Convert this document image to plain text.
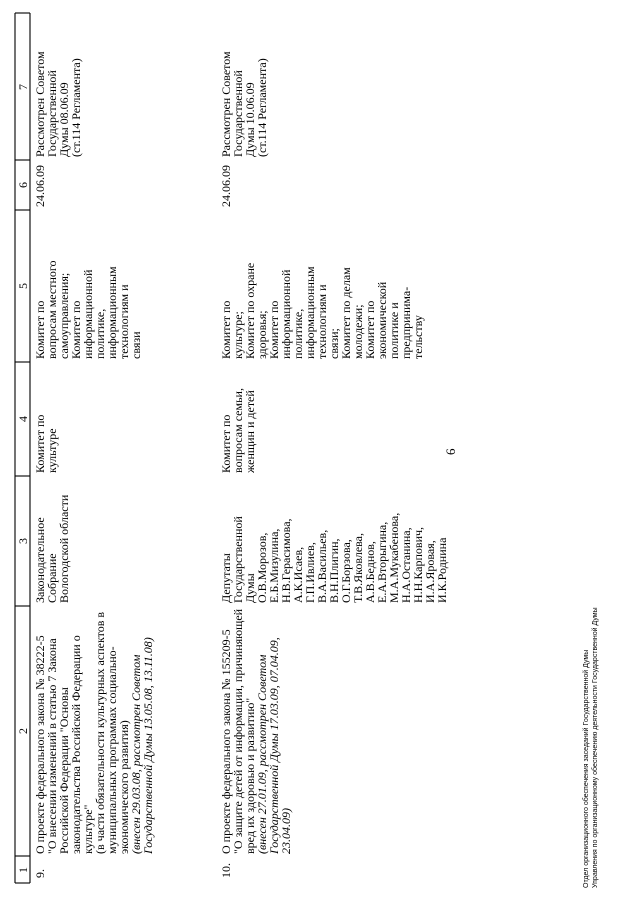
6
1
2
3
4
5
6
7
9.
О проекте федерального закона № 38222-5
"О внесении изменений в статью 7 Закона
Российской Федерации "Основы
законодательства Российской Федерации о
культуре"
(в части обязательности культурных аспектов в
муниципальных программах социально-
экономического развития)
(внесен 29.03.08, рассмотрен Советом
Государственной Думы 13.05.08, 13.11.08)
Законодательное
Собрание
Вологодской области
Комитет по
культуре
Комитет по
вопросам местного
самоуправления;
Комитет по
информационной
политике,
информационным
технологиям и
связи
24.06.09
Рассмотрен Советом
Государственной
Думы 08.06.09
(ст.114 Регламента)
10.
О проекте федерального закона № 155209-5
"О защите детей от информации, причиняющей
вред их здоровью и развитию"
(внесен 27.01.09, рассмотрен Советом
Государственной Думы 17.03.09, 07.04.09,
23.04.09)
Депутаты
Государственной
Думы
О.В.Морозов,
Е.Б.Мизулина,
Н.В.Герасимова,
А.К.Исаев,
Г.П.Ивлиев,
В.А.Васильев,
В.Н.Плигин,
О.Г.Борзова,
Т.В.Яковлева,
А.В.Беднов,
Е.А.Вторыгина,
М.А.Мукабенова,
Н.А.Останина,
Н.Н.Карпович,
И.А.Яровая,
И.К.Роднина
Комитет по
вопросам семьи,
женщин и детей
Комитет по
культуре;
Комитет по охране
здоровья;
Комитет по
информационной
политике,
информационным
технологиям и
связи;
Комитет по делам
молодежи;
Комитет по
экономической
политике и
предпринима-
тельству
24.06.09
Рассмотрен Советом
Государственной
Думы 10.06.09
(ст.114 Регламента)
Отдел организационного обеспечения заседаний Государственной Думы Управления по организационному обеспечению деятельности Государственной Думы
